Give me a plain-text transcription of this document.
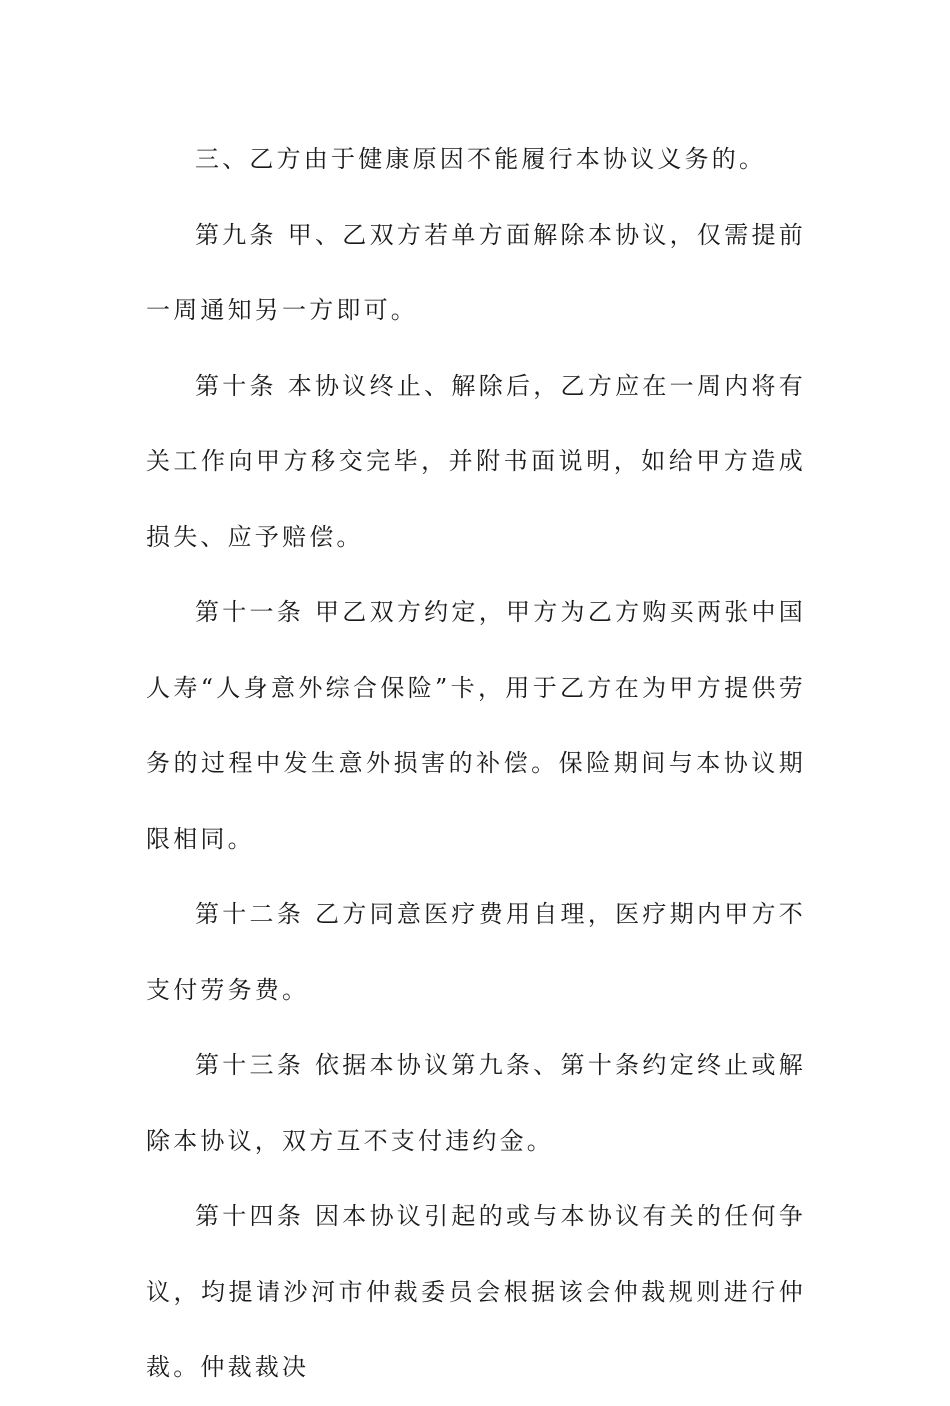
三、乙方由于健康原因不能履行本协议义务的。

第九条 甲、乙双方若单方面解除本协议，仅需提前一周通知另一方即可。

第十条 本协议终止、解除后，乙方应在一周内将有关工作向甲方移交完毕，并附书面说明，如给甲方造成损失、应予赔偿。

第十一条 甲乙双方约定，甲方为乙方购买两张中国人寿“人身意外综合保险”卡，用于乙方在为甲方提供劳务的过程中发生意外损害的补偿。保险期间与本协议期限相同。

第十二条 乙方同意医疗费用自理，医疗期内甲方不支付劳务费。

第十三条 依据本协议第九条、第十条约定终止或解除本协议，双方互不支付违约金。

第十四条 因本协议引起的或与本协议有关的任何争议，均提请沙河市仲裁委员会根据该会仲裁规则进行仲裁。仲裁裁决
